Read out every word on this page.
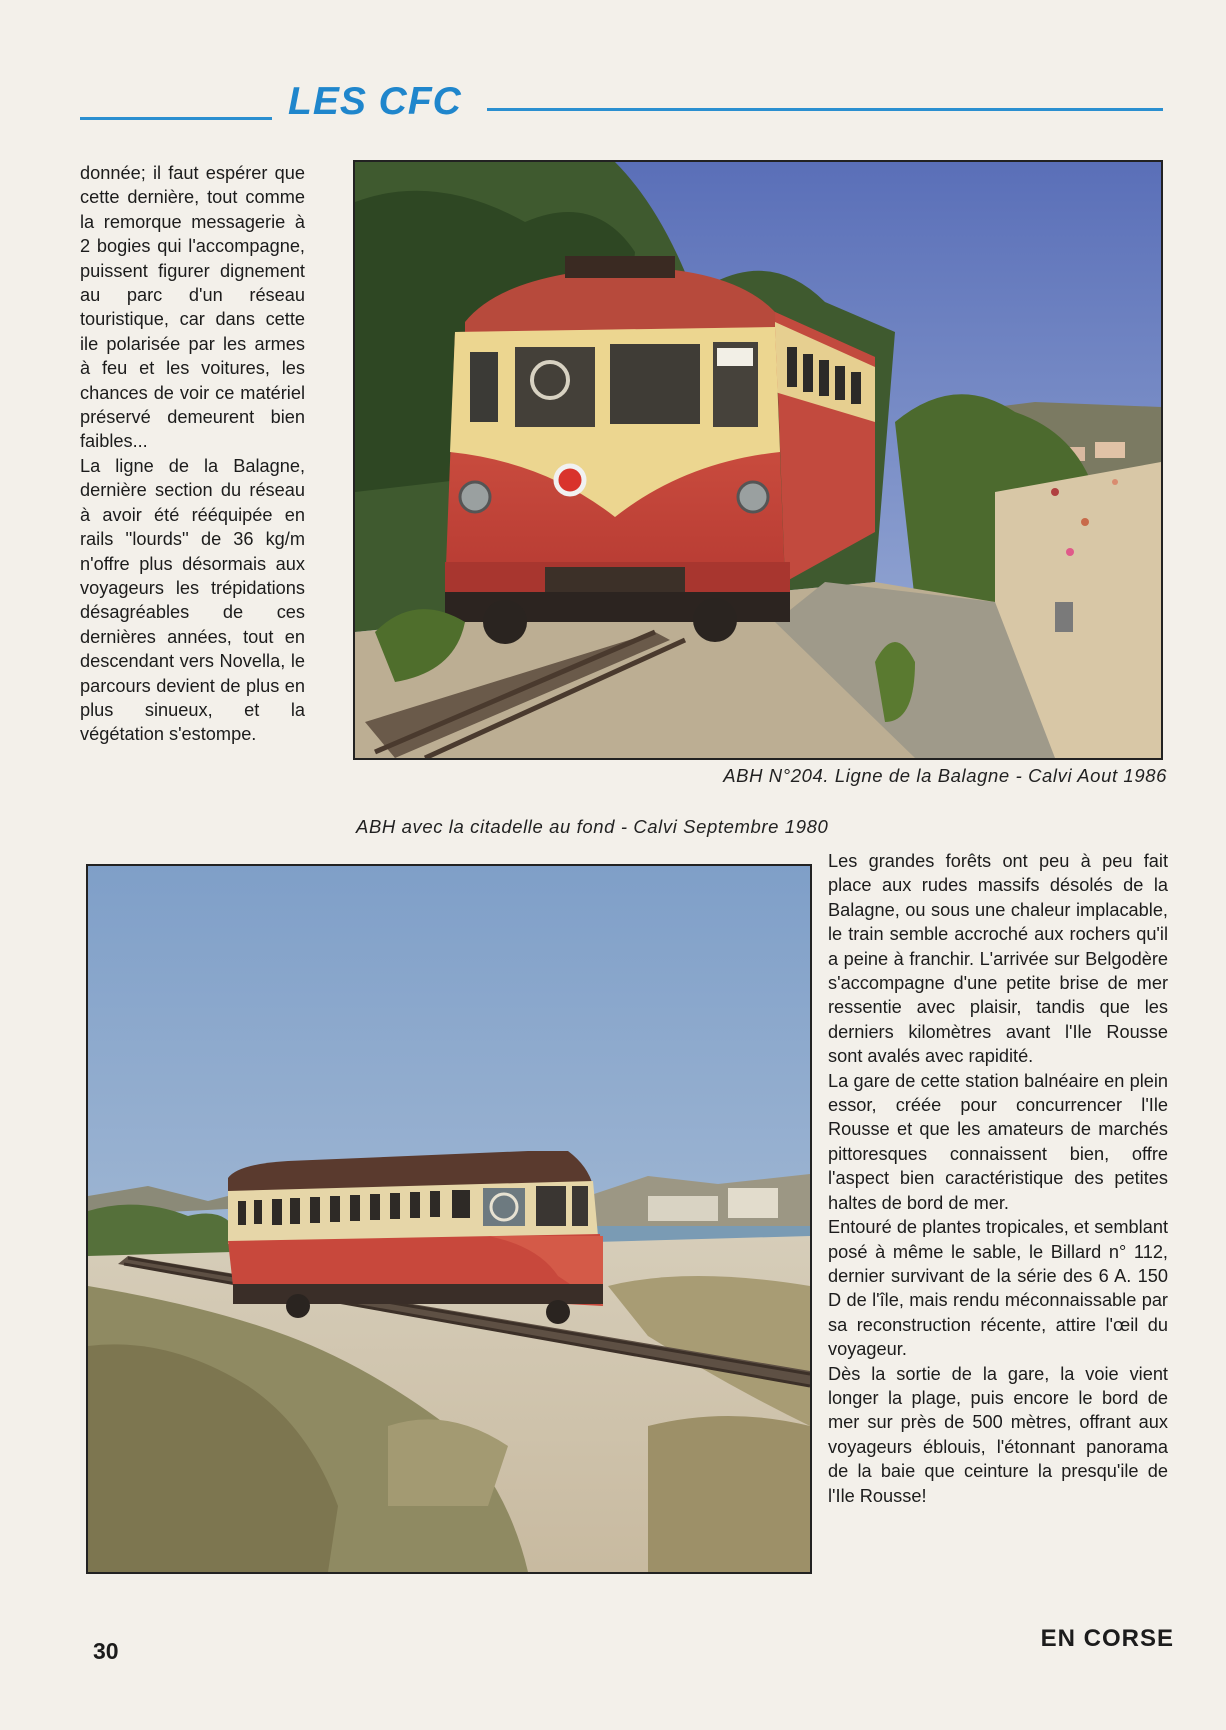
LES CFC

donnée; il faut espérer que cette dernière, tout comme la remorque messagerie à 2 bogies qui l'accompagne, puissent figurer dignement au parc d'un réseau touristique, car dans cette ile polarisée par les armes à feu et les voitures, les chances de voir ce matériel préservé demeurent bien faibles...

La ligne de la Balagne, dernière section du réseau à avoir été rééquipée en rails ''lourds'' de 36 kg/m n'offre plus désormais aux voyageurs les trépidations désagréables de ces dernières années, tout en descendant vers Novella, le parcours devient de plus en plus sinueux, et la végétation s'estompe.

ABH N°204. Ligne de la Balagne - Calvi Aout 1986
ABH avec la citadelle au fond - Calvi Septembre 1980

Les grandes forêts ont peu à peu fait place aux rudes massifs désolés de la Balagne, ou sous une chaleur implacable, le train semble accroché aux rochers qu'il a peine à franchir. L'arrivée sur Belgodère s'accompagne d'une petite brise de mer ressentie avec plaisir, tandis que les derniers kilomètres avant l'Ile Rousse sont avalés avec rapidité.

La gare de cette station balnéaire en plein essor, créée pour concurrencer l'Ile Rousse et que les amateurs de marchés pittoresques connaissent bien, offre l'aspect bien caractéristique des petites haltes de bord de mer.

Entouré de plantes tropicales, et semblant posé à même le sable, le Billard n° 112, dernier survivant de la série des 6 A. 150 D de l'île, mais rendu méconnaissable par sa reconstruction récente, attire l'œil du voyageur.

Dès la sortie de la gare, la voie vient longer la plage, puis encore le bord de mer sur près de 500 mètres, offrant aux voyageurs éblouis, l'étonnant panorama de la baie que ceinture la presqu'ile de l'Ile Rousse!

30	EN CORSE
